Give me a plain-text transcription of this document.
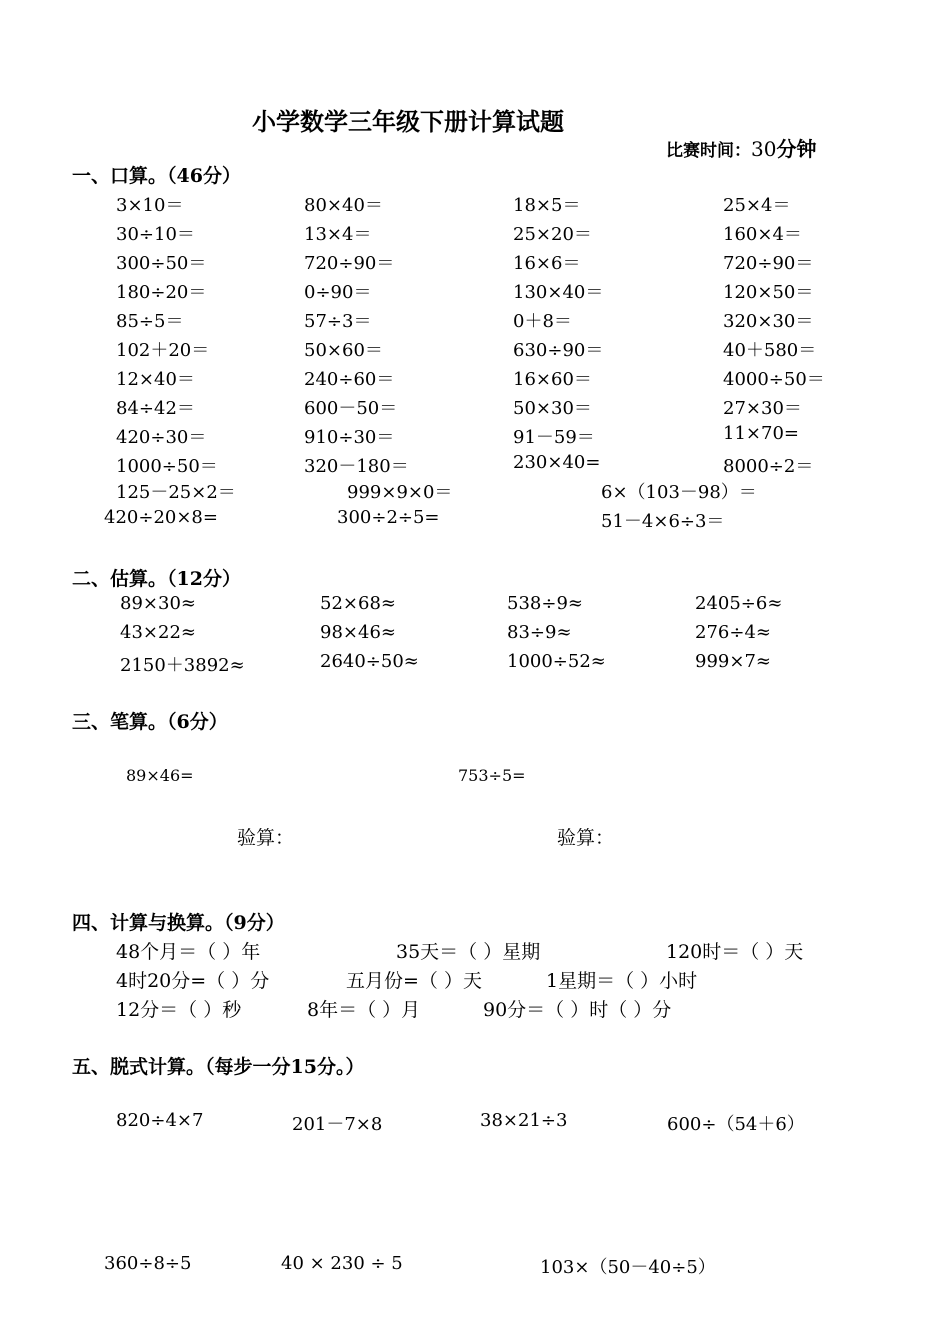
小学数学三年级下册计算试题
比赛时间：30分钟
一、口算。（46分）
3×10＝	80×40＝	18×5＝	25×4＝
30÷10＝	13×4＝	25×20＝	160×4＝
300÷50＝	720÷90＝	16×6＝	720÷90＝
180÷20＝	0÷90＝	130×40＝	120×50＝
85÷5＝	57÷3＝	0＋8＝	320×30＝
102＋20＝	50×60＝	630÷90＝	40＋580＝
12×40＝	240÷60＝	16×60＝	4000÷50＝
84÷42＝	600－50＝	50×30＝	27×30＝
420÷30＝	910÷30＝	91－59＝	11×70=
1000÷50＝	320－180＝	230×40=	8000÷2＝
125－25×2＝	999×9×0＝	6×（103－98）＝
420÷20×8=	300÷2÷5=	51－4×6÷3＝
二、估算。（12分）
89×30≈	52×68≈	538÷9≈	2405÷6≈
43×22≈	98×46≈	83÷9≈	276÷4≈
2150＋3892≈	2640÷50≈	1000÷52≈	999×7≈
三、笔算。（6分）
89×46=	753÷5=
验算：	验算：
四、计算与换算。（9分）
48个月＝（ ）年	35天＝（ ）星期	120时＝（ ）天
4时20分=（ ）分	五月份=（ ）天	1星期＝（ ）小时
12分＝（ ）秒	8年＝（ ）月	90分＝（ ）时（ ）分
五、脱式计算。（每步一分15分。）
820÷4×7	201－7×8	38×21÷3	600÷（54＋6）
360÷8÷5	40 × 230 ÷ 5	103×（50－40÷5）
